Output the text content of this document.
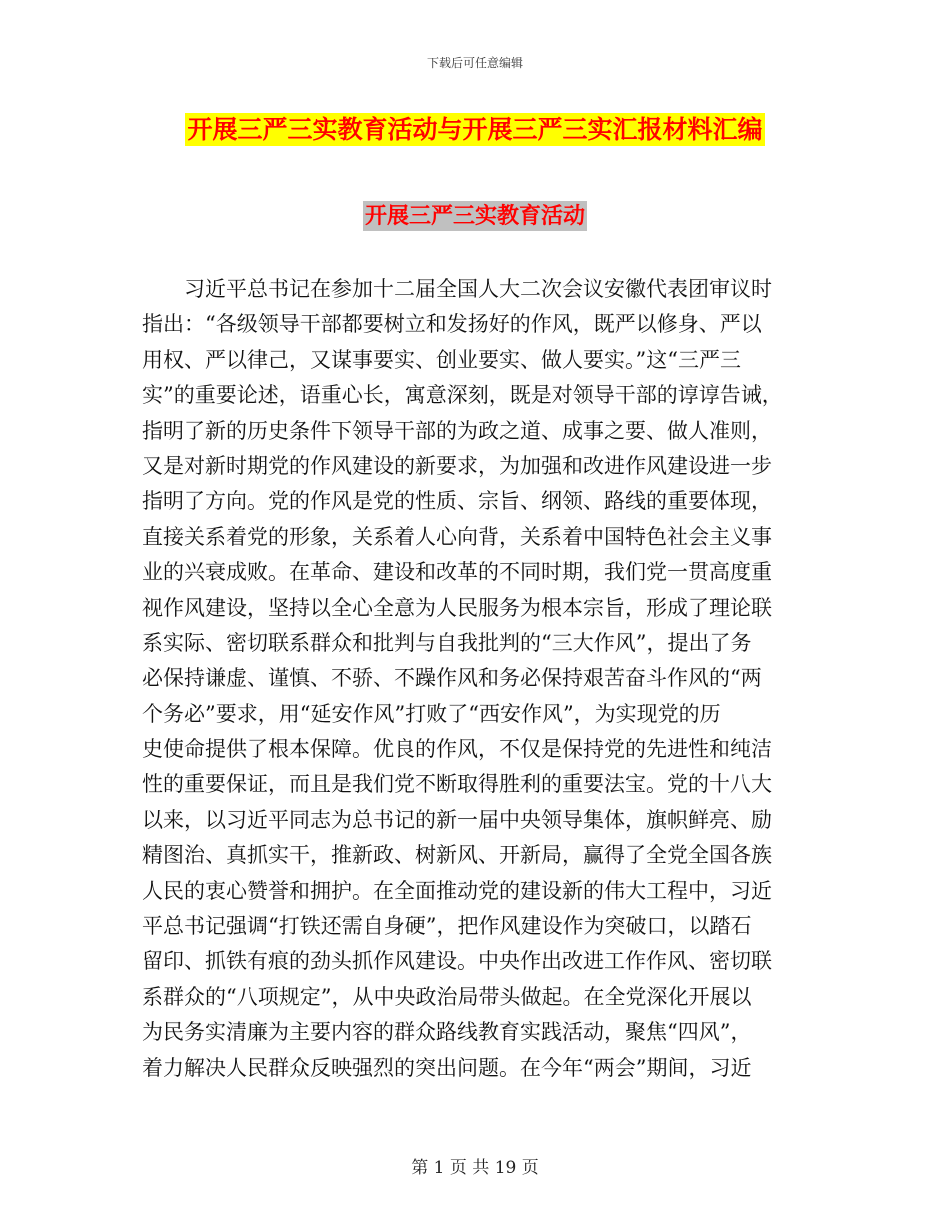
下载后可任意编辑
开展三严三实教育活动与开展三严三实汇报材料汇编
开展三严三实教育活动
习近平总书记在参加十二届全国人大二次会议安徽代表团审议时
指出：“各级领导干部都要树立和发扬好的作风，既严以修身、严以
用权、严以律己，又谋事要实、创业要实、做人要实。”这“三严三
实”的重要论述，语重心长，寓意深刻，既是对领导干部的谆谆告诫，
指明了新的历史条件下领导干部的为政之道、成事之要、做人准则，
又是对新时期党的作风建设的新要求，为加强和改进作风建设进一步
指明了方向。党的作风是党的性质、宗旨、纲领、路线的重要体现，
直接关系着党的形象，关系着人心向背，关系着中国特色社会主义事
业的兴衰成败。在革命、建设和改革的不同时期，我们党一贯高度重
视作风建设，坚持以全心全意为人民服务为根本宗旨，形成了理论联
系实际、密切联系群众和批判与自我批判的“三大作风”，提出了务
必保持谦虚、谨慎、不骄、不躁作风和务必保持艰苦奋斗作风的“两
个务必”要求，用“延安作风”打败了“西安作风”，为实现党的历
史使命提供了根本保障。优良的作风，不仅是保持党的先进性和纯洁
性的重要保证，而且是我们党不断取得胜利的重要法宝。党的十八大
以来，以习近平同志为总书记的新一届中央领导集体，旗帜鲜亮、励
精图治、真抓实干，推新政、树新风、开新局，赢得了全党全国各族
人民的衷心赞誉和拥护。在全面推动党的建设新的伟大工程中，习近
平总书记强调“打铁还需自身硬”，把作风建设作为突破口，以踏石
留印、抓铁有痕的劲头抓作风建设。中央作出改进工作作风、密切联
系群众的“八项规定”，从中央政治局带头做起。在全党深化开展以
为民务实清廉为主要内容的群众路线教育实践活动，聚焦“四风”，
着力解决人民群众反映强烈的突出问题。在今年“两会”期间，习近
第 1 页 共 19 页
